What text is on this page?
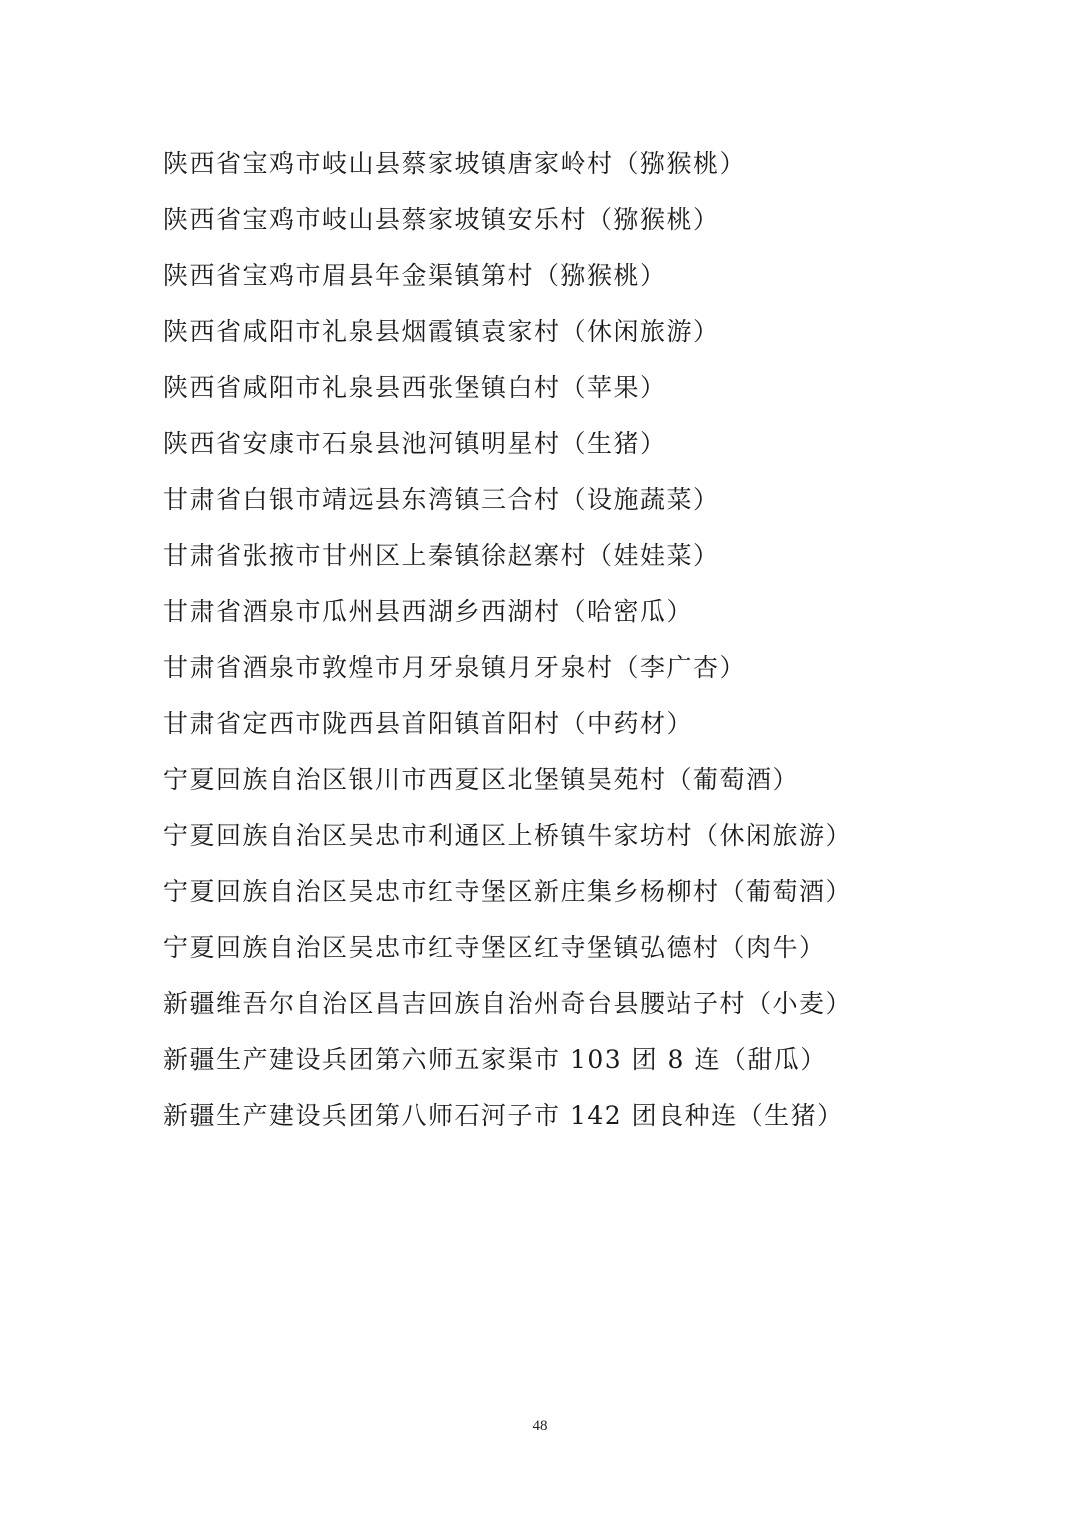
陕西省宝鸡市岐山县蔡家坡镇唐家岭村（猕猴桃）

陕西省宝鸡市岐山县蔡家坡镇安乐村（猕猴桃）

陕西省宝鸡市眉县年金渠镇第村（猕猴桃）

陕西省咸阳市礼泉县烟霞镇袁家村（休闲旅游）

陕西省咸阳市礼泉县西张堡镇白村（苹果）

陕西省安康市石泉县池河镇明星村（生猪）

甘肃省白银市靖远县东湾镇三合村（设施蔬菜）

甘肃省张掖市甘州区上秦镇徐赵寨村（娃娃菜）

甘肃省酒泉市瓜州县西湖乡西湖村（哈密瓜）

甘肃省酒泉市敦煌市月牙泉镇月牙泉村（李广杏）

甘肃省定西市陇西县首阳镇首阳村（中药材）

宁夏回族自治区银川市西夏区北堡镇昊苑村（葡萄酒）

宁夏回族自治区吴忠市利通区上桥镇牛家坊村（休闲旅游）

宁夏回族自治区吴忠市红寺堡区新庄集乡杨柳村（葡萄酒）

宁夏回族自治区吴忠市红寺堡区红寺堡镇弘德村（肉牛）

新疆维吾尔自治区昌吉回族自治州奇台县腰站子村（小麦）

新疆生产建设兵团第六师五家渠市 103 团 8 连（甜瓜）

新疆生产建设兵团第八师石河子市 142 团良种连（生猪）

48
